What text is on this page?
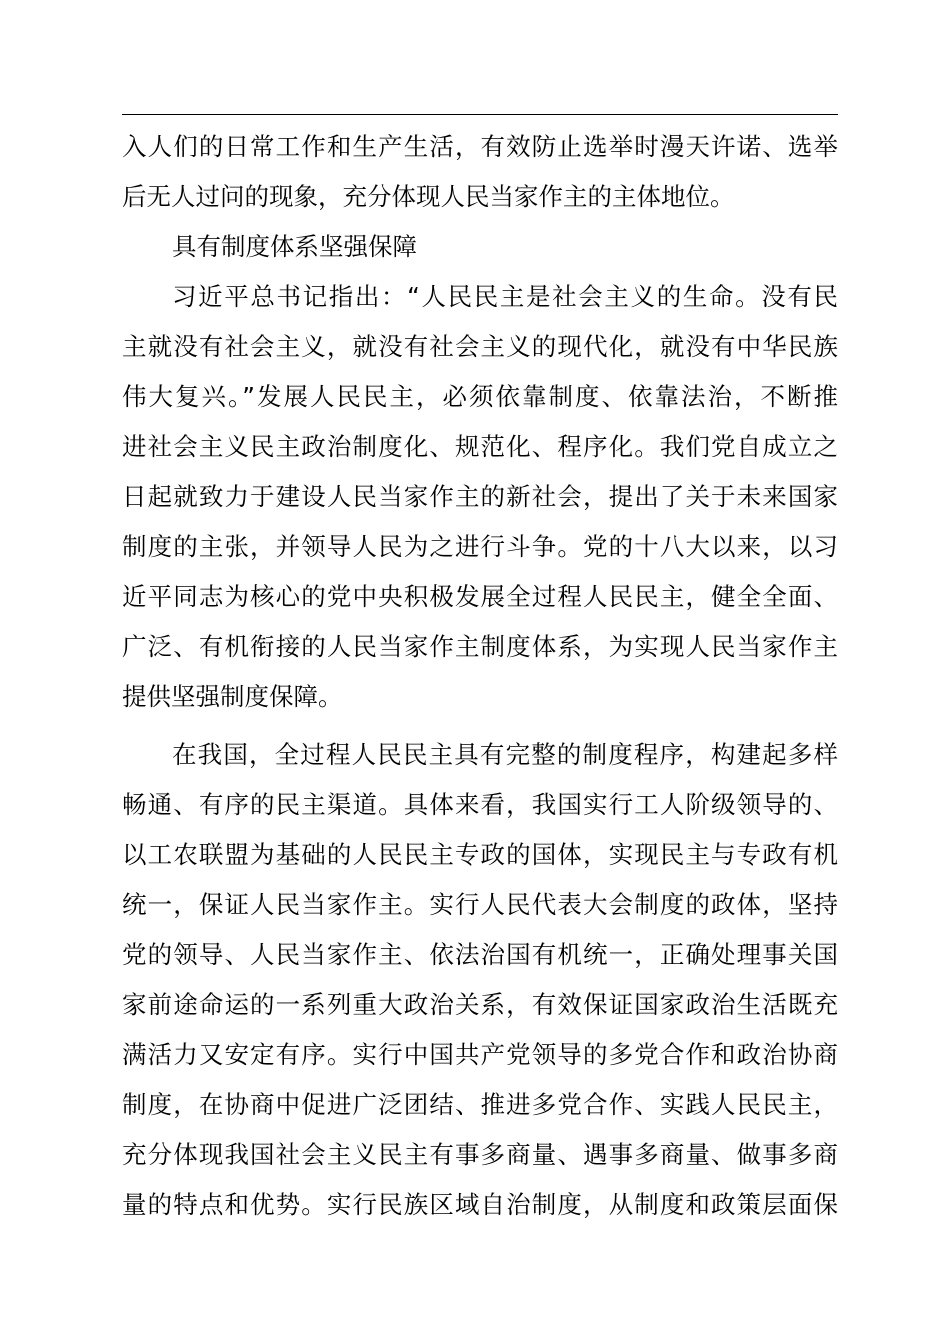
入人们的日常工作和生产生活，有效防止选举时漫天许诺、选举
后无人过问的现象，充分体现人民当家作主的主体地位。
具有制度体系坚强保障
习近平总书记指出：“人民民主是社会主义的生命。没有民
主就没有社会主义，就没有社会主义的现代化，就没有中华民族
伟大复兴。”发展人民民主，必须依靠制度、依靠法治，不断推
进社会主义民主政治制度化、规范化、程序化。我们党自成立之
日起就致力于建设人民当家作主的新社会，提出了关于未来国家
制度的主张，并领导人民为之进行斗争。党的十八大以来，以习
近平同志为核心的党中央积极发展全过程人民民主，健全全面、
广泛、有机衔接的人民当家作主制度体系，为实现人民当家作主
提供坚强制度保障。
在我国，全过程人民民主具有完整的制度程序，构建起多样
畅通、有序的民主渠道。具体来看，我国实行工人阶级领导的、
以工农联盟为基础的人民民主专政的国体，实现民主与专政有机
统一，保证人民当家作主。实行人民代表大会制度的政体，坚持
党的领导、人民当家作主、依法治国有机统一，正确处理事关国
家前途命运的一系列重大政治关系，有效保证国家政治生活既充
满活力又安定有序。实行中国共产党领导的多党合作和政治协商
制度，在协商中促进广泛团结、推进多党合作、实践人民民主，
充分体现我国社会主义民主有事多商量、遇事多商量、做事多商
量的特点和优势。实行民族区域自治制度，从制度和政策层面保
